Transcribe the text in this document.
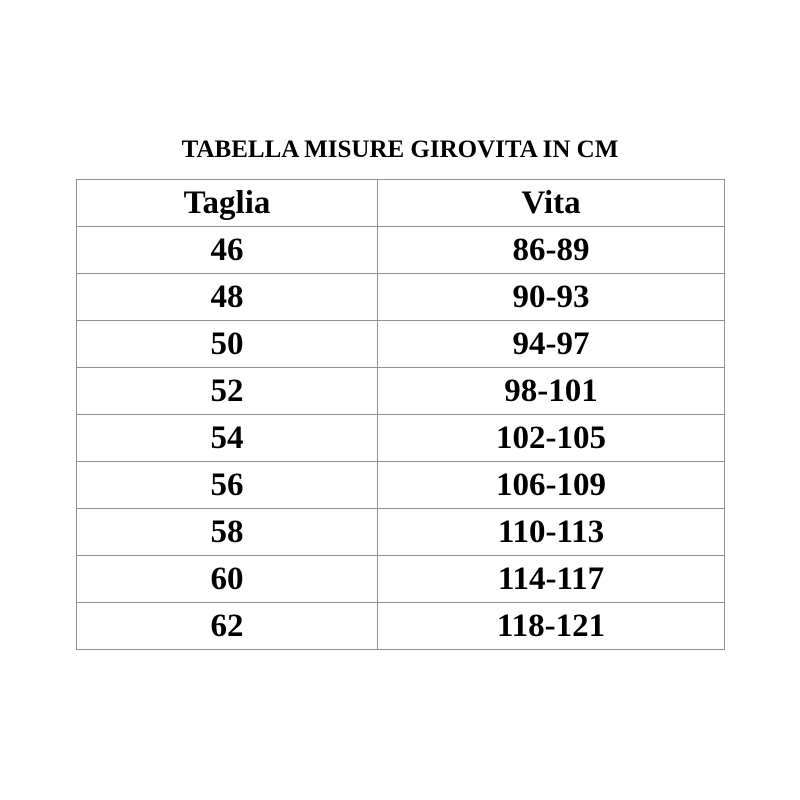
TABELLA MISURE GIROVITA IN CM
Taglia	Vita
46	86-89
48	90-93
50	94-97
52	98-101
54	102-105
56	106-109
58	110-113
60	114-117
62	118-121
